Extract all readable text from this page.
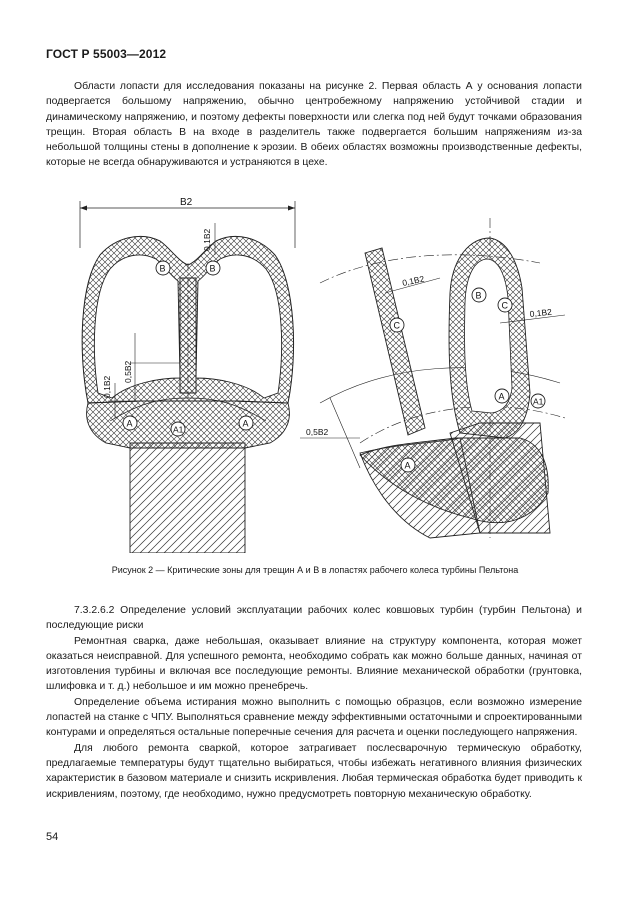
ГОСТ Р 55003—2012

Области лопасти для исследования показаны на рисунке 2. Первая область А у основания лопасти подвергается большому напряжению, обычно центробежному напряжению устойчивой стадии и динамическому напряжению, и поэтому дефекты поверхности или слегка под ней будут точками образования трещин. Вторая область В на входе в разделитель также подвергается большим напряжениям из-за небольшой толщины стены в дополнение к эрозии. В обеих областях возможны производственные дефекты, которые не всегда обнаруживаются и устраняются в цехе.

B2
0,1B2
0,5B2
0,1B2
B	B
A	A
A1
0,1B2
0,1B2
0,5B2
C
B
C
A	A1
A
Рисунок 2 — Критические зоны для трещин А и В в лопастях рабочего колеса турбины Пельтона

7.3.2.6.2 Определение условий эксплуатации рабочих колес ковшовых турбин (турбин Пельтона) и последующие риски

Ремонтная сварка, даже небольшая, оказывает влияние на структуру компонента, которая может оказаться неисправной. Для успешного ремонта, необходимо собрать как можно больше данных, начиная от изготовления турбины и включая все последующие ремонты. Влияние механической обработки (грунтовка, шлифовка и т. д.) небольшое и им можно пренебречь.

Определение объема истирания можно выполнить с помощью образцов, если возможно измерение лопастей на станке с ЧПУ. Выполняться сравнение между эффективными остаточными и спроектированными контурами и определяться остальные поперечные сечения для расчета и оценки последующего напряжения.

Для любого ремонта сваркой, которое затрагивает послесварочную термическую обработку, предлагаемые температуры будут тщательно выбираться, чтобы избежать негативного влияния физических характеристик в базовом материале и снизить искривления. Любая термическая обработка будет приводить к искривлениям, поэтому, где необходимо, нужно предусмотреть повторную механическую обработку.

54
